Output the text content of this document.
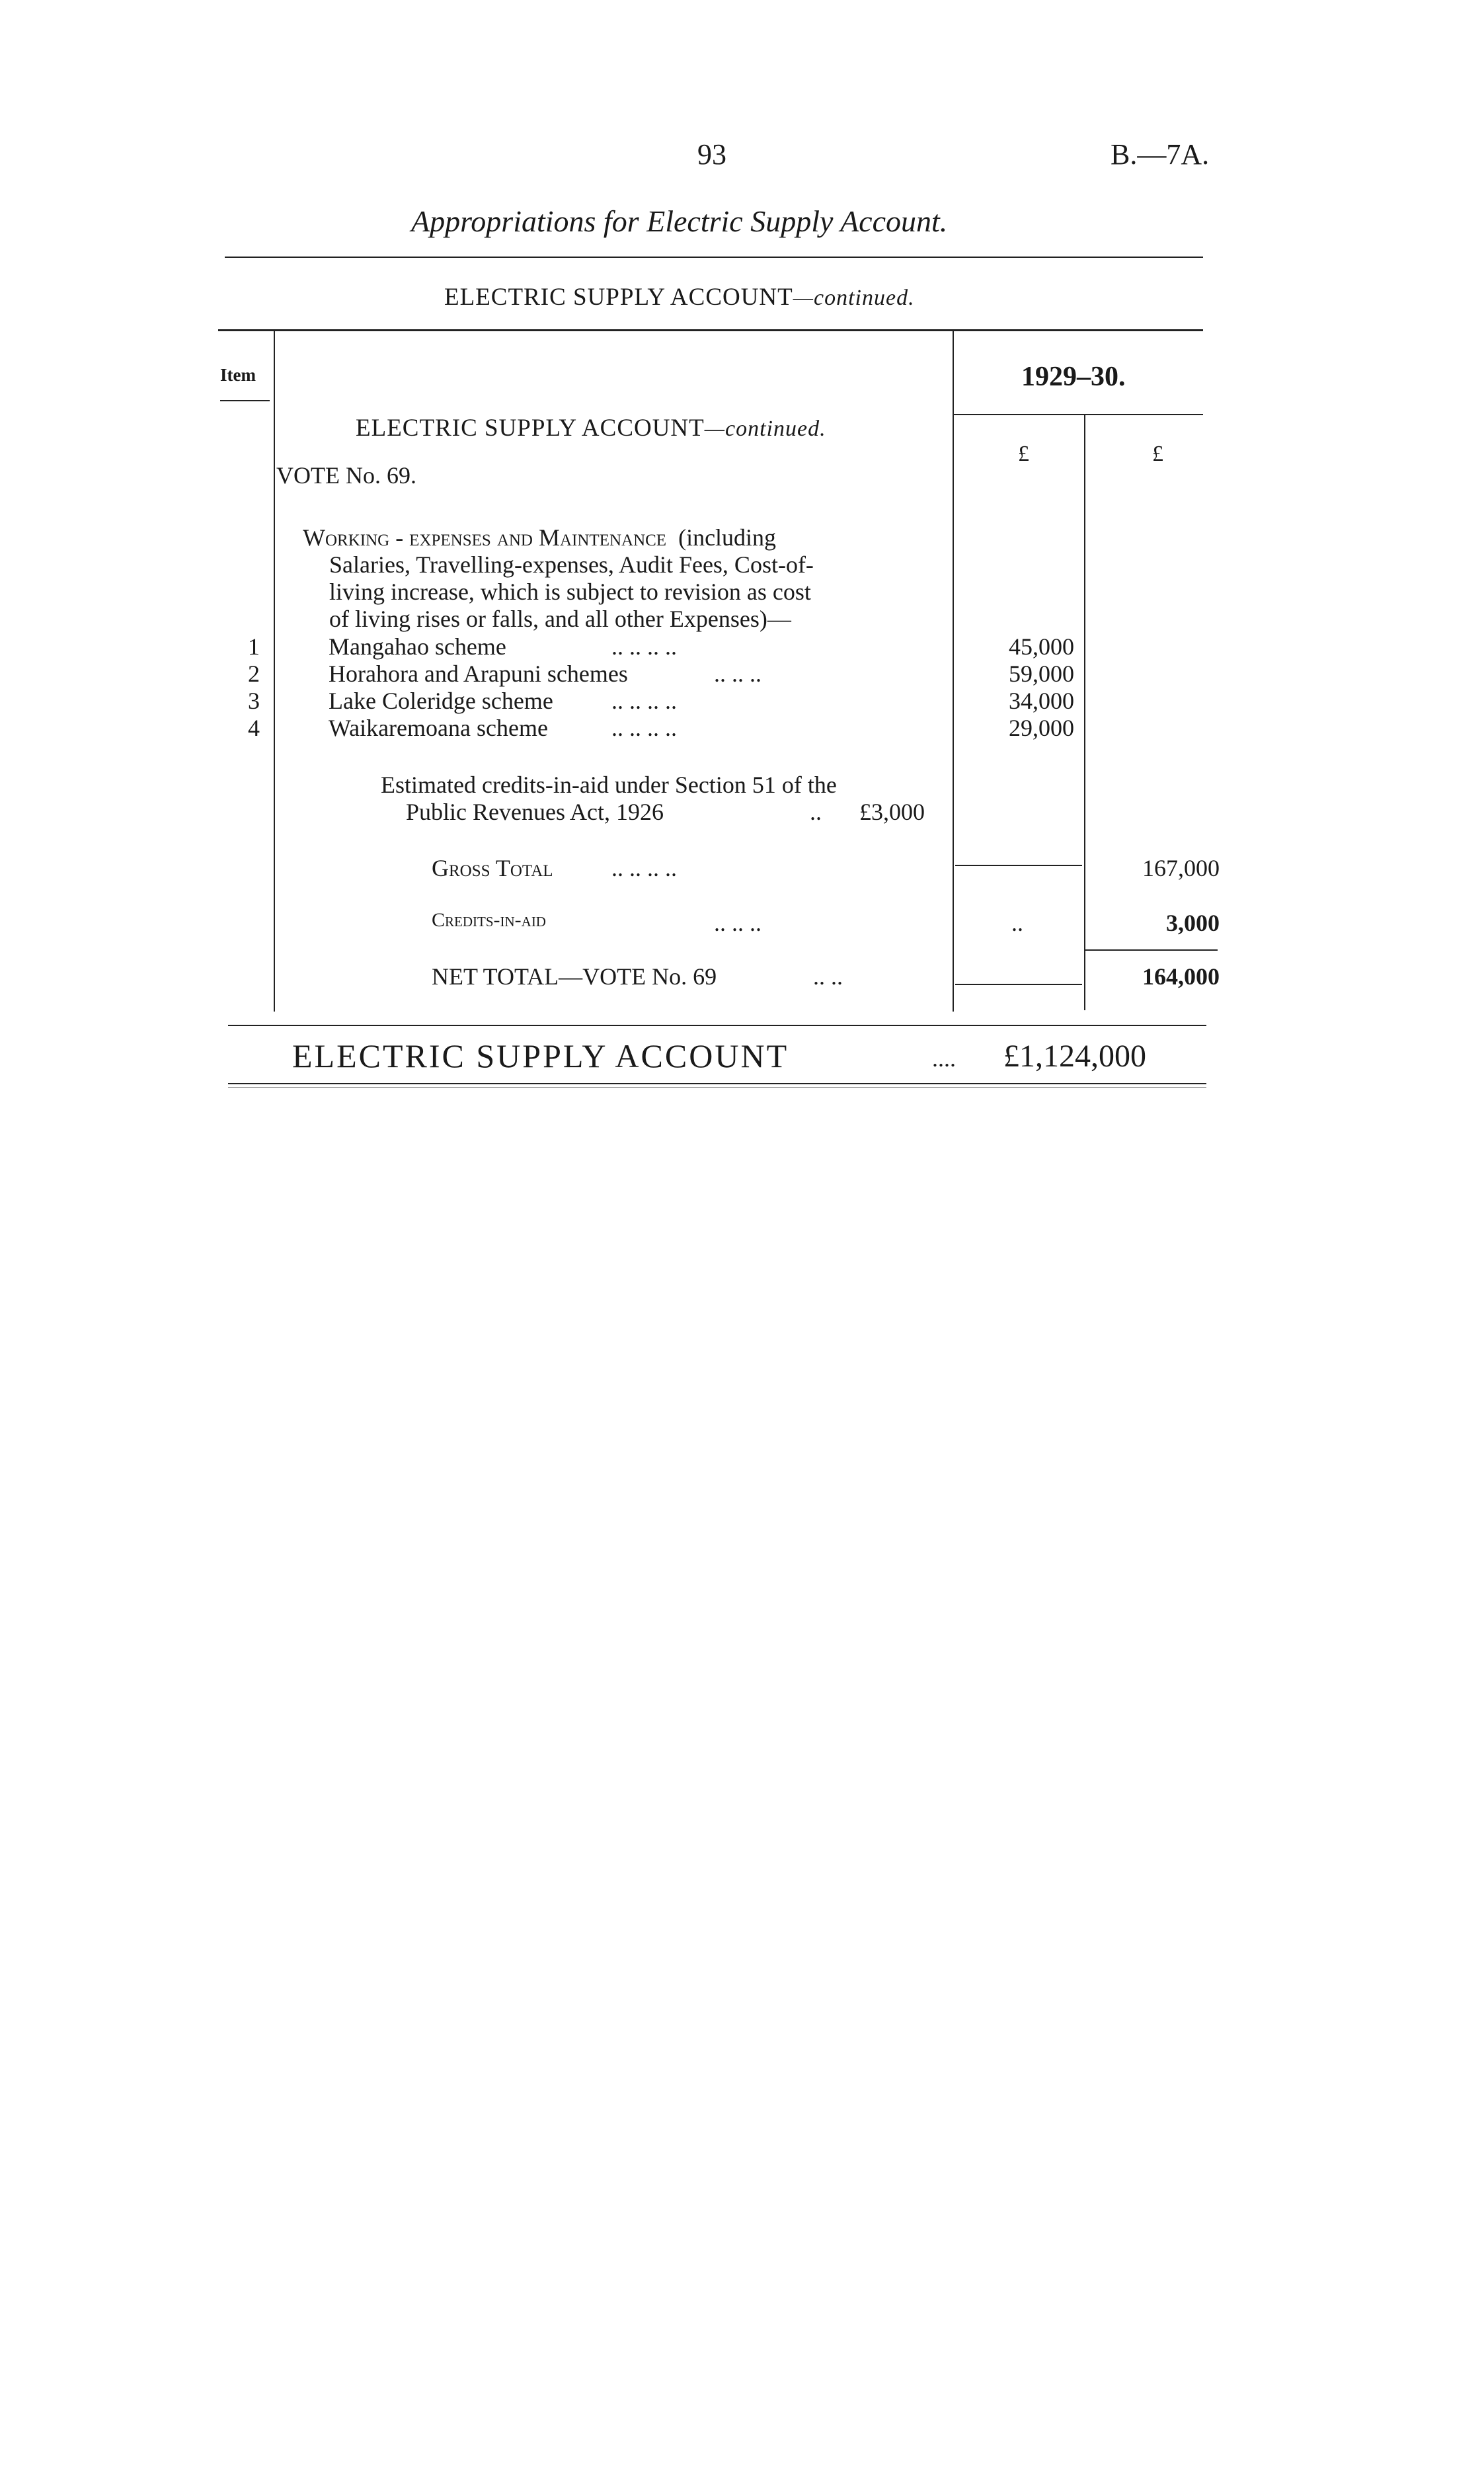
93	B.—7A.
Appropriations for Electric Supply Account.
ELECTRIC SUPPLY ACCOUNT—continued.
Item	1929–30.
£	£
ELECTRIC SUPPLY ACCOUNT—continued.
VOTE No. 69.
Working - expenses and Maintenance (including
Salaries, Travelling-expenses, Audit Fees, Cost-of-
living increase, which is subject to revision as cost
of living rises or falls, and all other Expenses)—
1	Mangahao scheme	.. .. .. ..	45,000
2	Horahora and Arapuni schemes	.. .. ..	59,000
3	Lake Coleridge scheme .. .. .. ..	34,000
4	Waikaremoana scheme	.. .. .. ..	29,000
Estimated credits-in-aid under Section 51 of the
Public Revenues Act, 1926	.. £3,000
Gross Total .. .. .. ..	167,000
Credits-in-aid	.. .. ..	..	3,000
NET TOTAL—VOTE No. 69	.. ..	164,000
ELECTRIC SUPPLY ACCOUNT	.... £1,124,000
